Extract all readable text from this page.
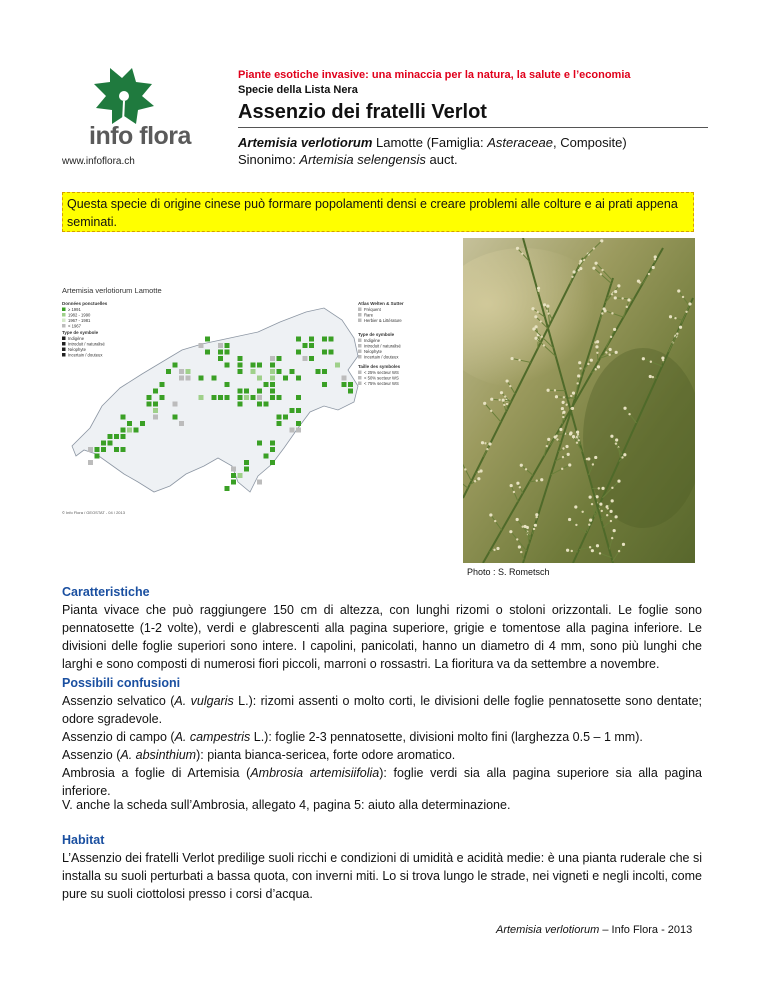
info flora
www.infoflora.ch
Piante esotiche invasive: una minaccia per la natura, la salute e l’economia
Specie della Lista Nera
Assenzio dei fratelli Verlot
Artemisia verlotiorum Lamotte (Famiglia: Asteraceae, Composite)
Sinonimo: Artemisia selengensis auct.
Questa specie di origine cinese può formare popolamenti densi e creare problemi alle colture e ai prati appena seminati.
Artemisia verlotiorum Lamotte
Données ponctuelles
≥ 1991
1982 - 1990
1967 - 1981
< 1967
Type de symbole
Indigène
Introduit / naturalisé
Néophyte
Incertain / douteux
Atlas Welten & Sutter
Fréquent
Rare
Herbier & Littérature
Type de symbole
Indigène
Introduit / naturalisé
Néophyte
Incertain / douteux
Taille des symboles
< 25% secteur WS
< 50% secteur WS
< 75% secteur WS
© Info Flora / GEOSTAT - 04 / 2013
Photo : S. Rometsch
Caratteristiche
Pianta vivace che può raggiungere 150 cm di altezza, con lunghi rizomi o stoloni orizzontali. Le foglie sono pennatosette (1-2 volte), verdi e glabrescenti alla pagina superiore, grigie e tomentose alla pagina inferiore. Le divisioni delle foglie superiori sono intere. I capolini, panicolati, hanno un diametro di 4 mm, sono più lunghi che larghi e sono composti di numerosi fiori piccoli, marroni o rossastri. La fioritura va da settembre a novembre.
Possibili confusioni
Assenzio selvatico (A. vulgaris L.): rizomi assenti o molto corti, le divisioni delle foglie pennatosette sono dentate; odore sgradevole.
Assenzio di campo (A. campestris L.): foglie 2-3 pennatosette, divisioni molto fini (larghezza 0.5 – 1 mm).
Assenzio (A. absinthium): pianta bianca-sericea, forte odore aromatico.
Ambrosia a foglie di Artemisia (Ambrosia artemisiifolia): foglie verdi sia alla pagina superiore sia alla pagina inferiore.
V. anche la scheda sull’Ambrosia, allegato 4, pagina 5: aiuto alla determinazione.
Habitat
L’Assenzio dei fratelli Verlot predilige suoli ricchi e condizioni di umidità e acidità medie: è una pianta ruderale che si installa su suoli perturbati a bassa quota, con inverni miti. Lo si trova lungo le strade, nei vigneti e negli incolti, come pure su suoli ciottolosi presso i corsi d’acqua.
Artemisia verlotiorum – Info Flora - 2013
